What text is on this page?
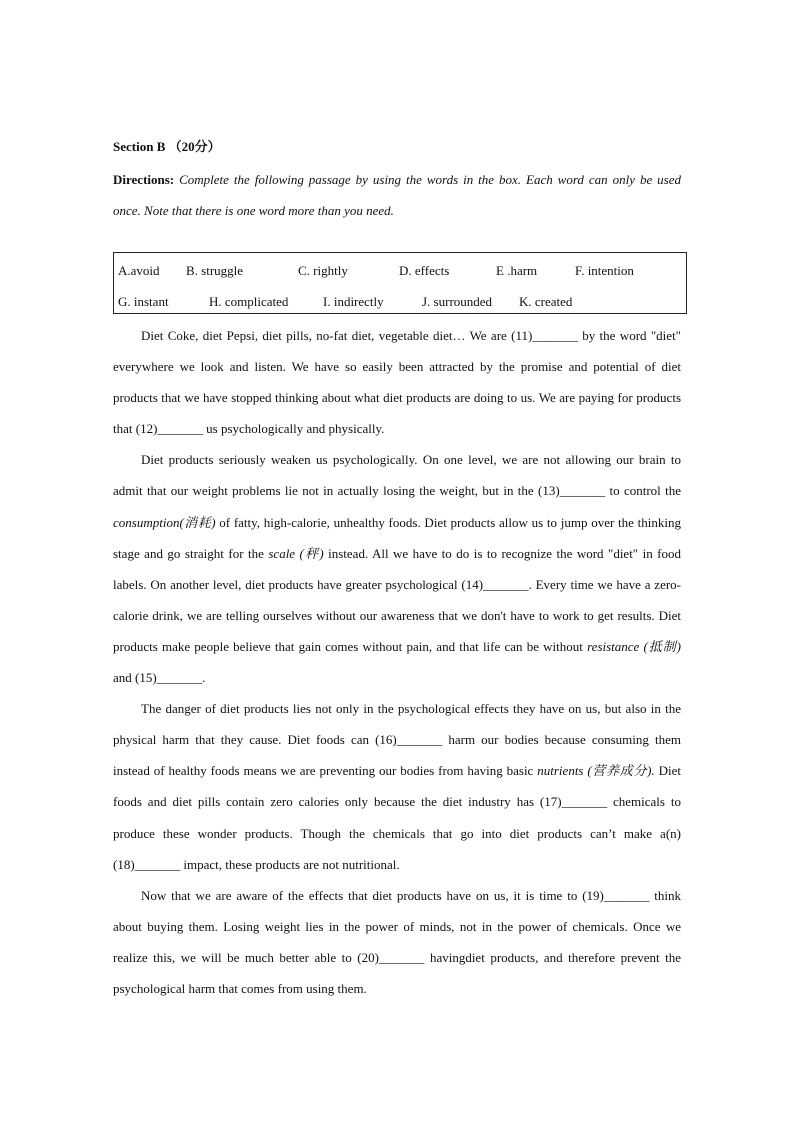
Section B （20分）
Directions: Complete the following passage by using the words in the box. Each word can only be used once. Note that there is one word more than you need.
A.avoid B. struggle	C. rightly	D. effects	E .harm	F. intention
G. instant	H. complicated	I. indirectly	J. surrounded K. created

Diet Coke, diet Pepsi, diet pills, no-fat diet, vegetable diet… We are (11)_______ by the word "diet" everywhere we look and listen. We have so easily been attracted by the promise and potential of diet products that we have stopped thinking about what diet products are doing to us. We are paying for products that (12)_______ us psychologically and physically.

Diet products seriously weaken us psychologically. On one level, we are not allowing our brain to admit that our weight problems lie not in actually losing the weight, but in the (13)_______ to control the consumption(消耗) of fatty, high-calorie, unhealthy foods. Diet products allow us to jump over the thinking stage and go straight for the scale (秤) instead. All we have to do is to recognize the word "diet" in food labels. On another level, diet products have greater psychological (14)_______. Every time we have a zero-calorie drink, we are telling ourselves without our awareness that we don't have to work to get results. Diet products make people believe that gain comes without pain, and that life can be without resistance (抵制) and (15)_______.

The danger of diet products lies not only in the psychological effects they have on us, but also in the physical harm that they cause. Diet foods can (16)_______ harm our bodies because consuming them instead of healthy foods means we are preventing our bodies from having basic nutrients (营养成分). Diet foods and diet pills contain zero calories only because the diet industry has (17)_______ chemicals to produce these wonder products. Though the chemicals that go into diet products can’t make a(n) (18)_______ impact, these products are not nutritional.

Now that we are aware of the effects that diet products have on us, it is time to (19)_______ think about buying them. Losing weight lies in the power of minds, not in the power of chemicals. Once we realize this, we will be much better able to (20)_______ havingdiet products, and therefore prevent the psychological harm that comes from using them.
